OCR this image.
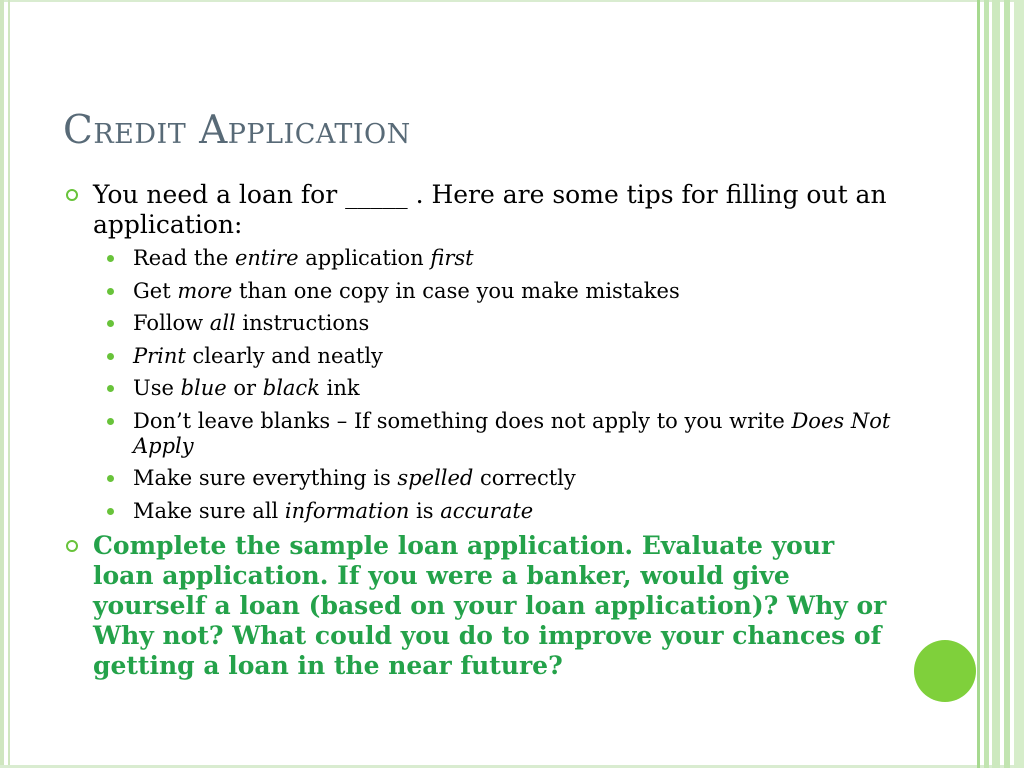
Credit Application
You need a loan for _____ . Here are some tips for filling out an application:
Read the entire application first
Get more than one copy in case you make mistakes
Follow all instructions
Print clearly and neatly
Use blue or black ink
Don’t leave blanks – If something does not apply to you write Does Not Apply
Make sure everything is spelled correctly
Make sure all information is accurate
Complete the sample loan application. Evaluate your loan application. If you were a banker, would give yourself a loan (based on your loan application)? Why or Why not? What could you do to improve your chances of getting a loan in the near future?
